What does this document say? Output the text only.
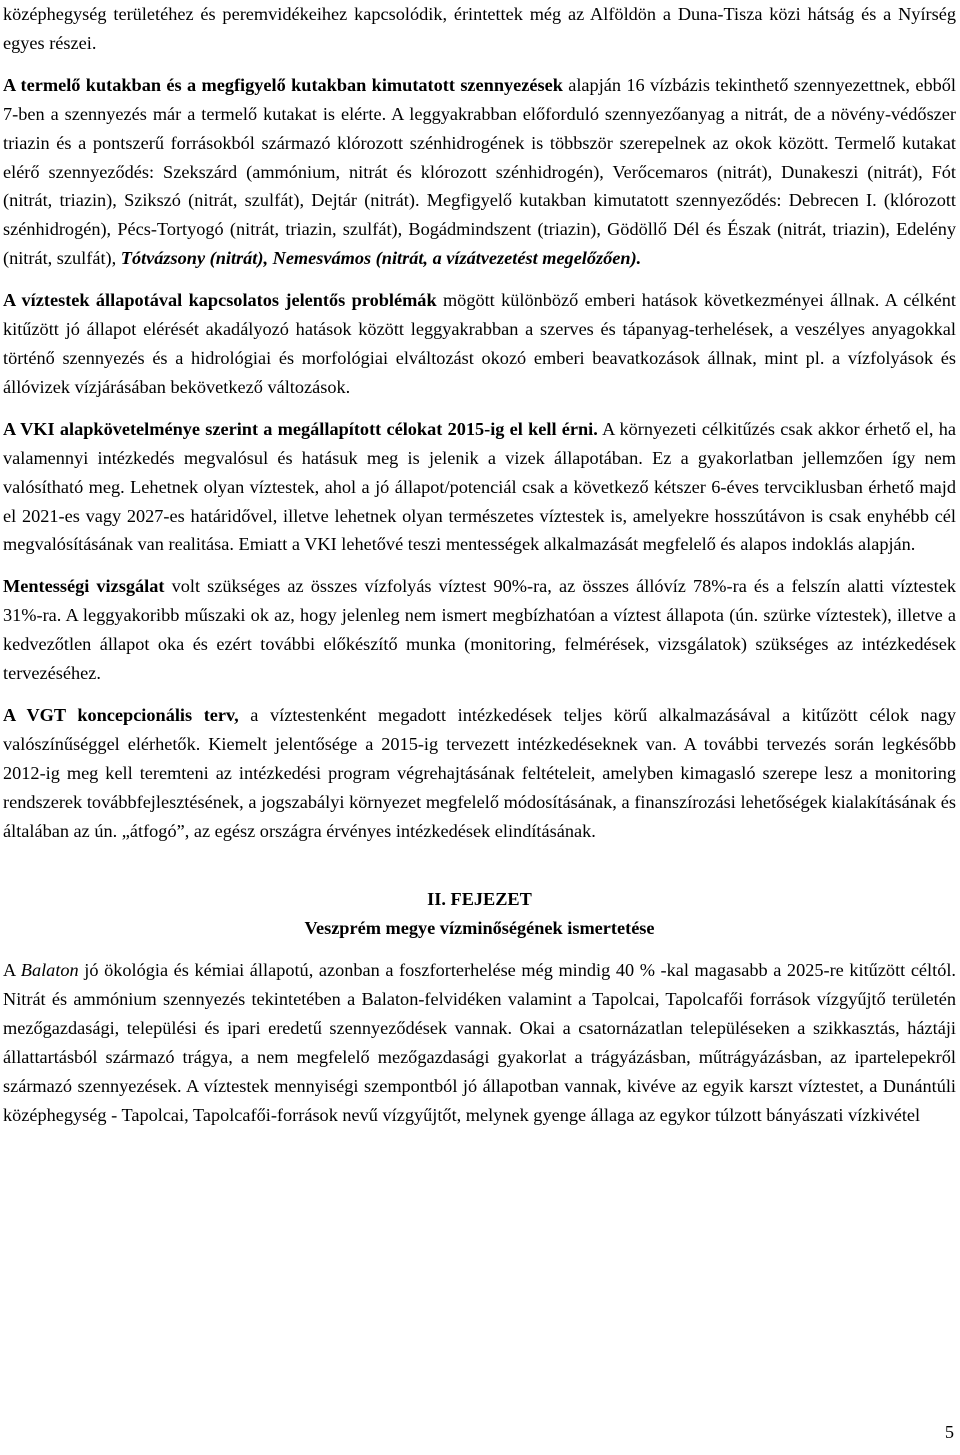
középhegység területéhez és peremvidékeihez kapcsolódik, érintettek még az Alföldön a Duna-Tisza közi hátság és a Nyírség egyes részei.

A termelő kutakban és a megfigyelő kutakban kimutatott szennyezések alapján 16 vízbázis tekinthető szennyezettnek, ebből 7-ben a szennyezés már a termelő kutakat is elérte. A leggyakrabban előforduló szennyezőanyag a nitrát, de a növény-védőszer triazin és a pontszerű forrásokból származó klórozott szénhidrogének is többször szerepelnek az okok között. Termelő kutakat elérő szennyeződés: Szekszárd (ammónium, nitrát és klórozott szénhidrogén), Verőcemaros (nitrát), Dunakeszi (nitrát), Fót (nitrát, triazin), Szikszó (nitrát, szulfát), Dejtár (nitrát). Megfigyelő kutakban kimutatott szennyeződés: Debrecen I. (klórozott szénhidrogén), Pécs-Tortyogó (nitrát, triazin, szulfát), Bogádmindszent (triazin), Gödöllő Dél és Észak (nitrát, triazin), Edelény (nitrát, szulfát), Tótvázsony (nitrát), Nemesvámos (nitrát, a vízátvezetést megelőzően).

A víztestek állapotával kapcsolatos jelentős problémák mögött különböző emberi hatások következményei állnak. A célként kitűzött jó állapot elérését akadályozó hatások között leggyakrabban a szerves és tápanyag-terhelések, a veszélyes anyagokkal történő szennyezés és a hidrológiai és morfológiai elváltozást okozó emberi beavatkozások állnak, mint pl. a vízfolyások és állóvizek vízjárásában bekövetkező változások.

A VKI alapkövetelménye szerint a megállapított célokat 2015-ig el kell érni. A környezeti célkitűzés csak akkor érhető el, ha valamennyi intézkedés megvalósul és hatásuk meg is jelenik a vizek állapotában. Ez a gyakorlatban jellemzően így nem valósítható meg. Lehetnek olyan víztestek, ahol a jó állapot/potenciál csak a következő kétszer 6-éves tervciklusban érhető majd el 2021-es vagy 2027-es határidővel, illetve lehetnek olyan természetes víztestek is, amelyekre hosszútávon is csak enyhébb cél megvalósításának van realitása. Emiatt a VKI lehetővé teszi mentességek alkalmazását megfelelő és alapos indoklás alapján.

Mentességi vizsgálat volt szükséges az összes vízfolyás víztest 90%-ra, az összes állóvíz 78%-ra és a felszín alatti víztestek 31%-ra. A leggyakoribb műszaki ok az, hogy jelenleg nem ismert megbízhatóan a víztest állapota (ún. szürke víztestek), illetve a kedvezőtlen állapot oka és ezért további előkészítő munka (monitoring, felmérések, vizsgálatok) szükséges az intézkedések tervezéséhez.

A VGT koncepcionális terv, a víztestenként megadott intézkedések teljes körű alkalmazásával a kitűzött célok nagy valószínűséggel elérhetők. Kiemelt jelentősége a 2015-ig tervezett intézkedéseknek van. A további tervezés során legkésőbb 2012-ig meg kell teremteni az intézkedési program végrehajtásának feltételeit, amelyben kimagasló szerepe lesz a monitoring rendszerek továbbfejlesztésének, a jogszabályi környezet megfelelő módosításának, a finanszírozási lehetőségek kialakításának és általában az ún. „átfogó”, az egész országra érvényes intézkedések elindításának.

II. FEJEZET

Veszprém megye vízminőségének ismertetése

A Balaton jó ökológia és kémiai állapotú, azonban a foszforterhelése még mindig 40 % -kal magasabb a 2025-re kitűzött céltól. Nitrát és ammónium szennyezés tekintetében a Balaton-felvidéken valamint a Tapolcai, Tapolcafői források vízgyűjtő területén mezőgazdasági, települési és ipari eredetű szennyeződések vannak. Okai a csatornázatlan településeken a szikkasztás, háztáji állattartásból származó trágya, a nem megfelelő mezőgazdasági gyakorlat a trágyázásban, műtrágyázásban, az ipartelepekről származó szennyezések. A víztestek mennyiségi szempontból jó állapotban vannak, kivéve az egyik karszt víztestet, a Dunántúli középhegység - Tapolcai, Tapolcafői-források nevű vízgyűjtőt, melynek gyenge állaga az egykor túlzott bányászati vízkivétel

5
